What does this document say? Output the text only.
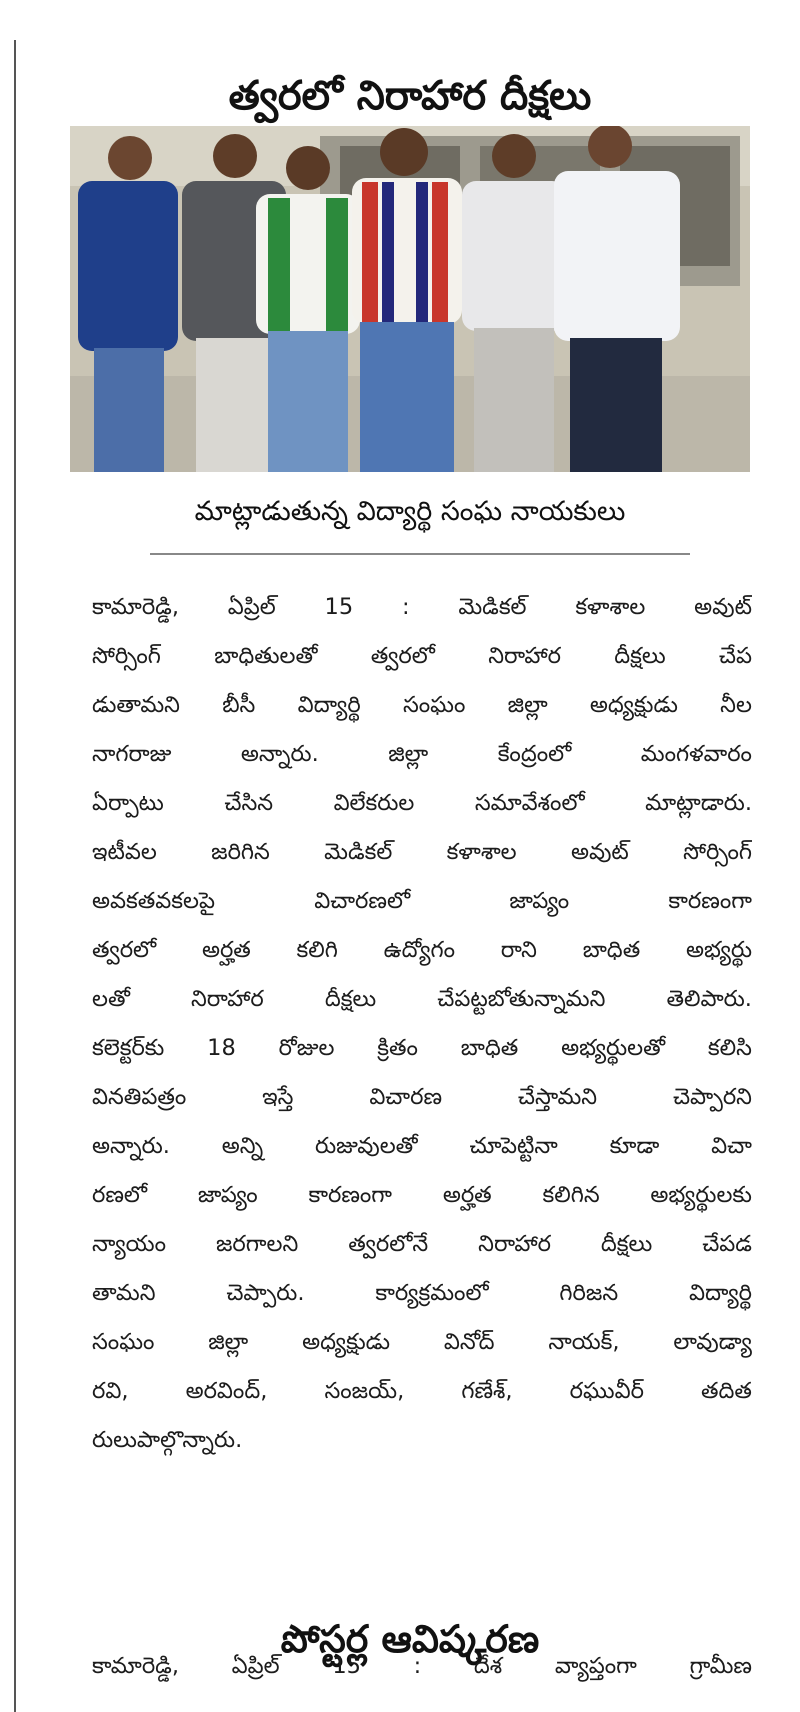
త్వరలో నిరాహార దీక్షలు
మాట్లాడుతున్న విద్యార్థి సంఘ నాయకులు
కామారెడ్డి, ఏప్రిల్ 15 : మెడికల్ కళాశాల అవుట్
సోర్సింగ్ బాధితులతో త్వరలో నిరాహార దీక్షలు చేప
డుతామని బీసీ విద్యార్థి సంఘం జిల్లా అధ్యక్షుడు నీల
నాగరాజు	అన్నారు.	జిల్లా	కేంద్రంలో	మంగళవారం
ఏర్పాటు	చేసిన	విలేకరుల	సమావేశంలో	మాట్లాడారు.
ఇటీవల జరిగిన మెడికల్ కళాశాల అవుట్ సోర్సింగ్
అవకతవకలపై	విచారణలో	జాప్యం	కారణంగా
త్వరలో అర్హత కలిగి ఉద్యోగం రాని బాధిత అభ్యర్థు
లతో	నిరాహార	దీక్షలు	చేపట్టబోతున్నామని	తెలిపారు.
కలెక్టర్‌కు 18 రోజుల క్రితం బాధిత అభ్యర్థులతో కలిసి
వినతిపత్రం	ఇస్తే	విచారణ	చేస్తామని	చెప్పారని
అన్నారు. అన్ని రుజువులతో చూపెట్టినా కూడా విచా
రణలో జాప్యం కారణంగా అర్హత కలిగిన అభ్యర్థులకు
న్యాయం జరగాలని త్వరలోనే నిరాహార దీక్షలు చేపడ
తామని	చెప్పారు.	కార్యక్రమంలో	గిరిజన	విద్యార్థి
సంఘం జిల్లా అధ్యక్షుడు వినోద్ నాయక్, లావుడ్యా
రవి,	అరవింద్,	సంజయ్,	గణేశ్,	రఘువీర్	తదిత
రులు పాల్గొన్నారు.
పోస్టర్ల ఆవిష్కరణ
కామారెడ్డి, ఏప్రిల్ 15 : దేశ వ్యాప్తంగా గ్రామీణ
